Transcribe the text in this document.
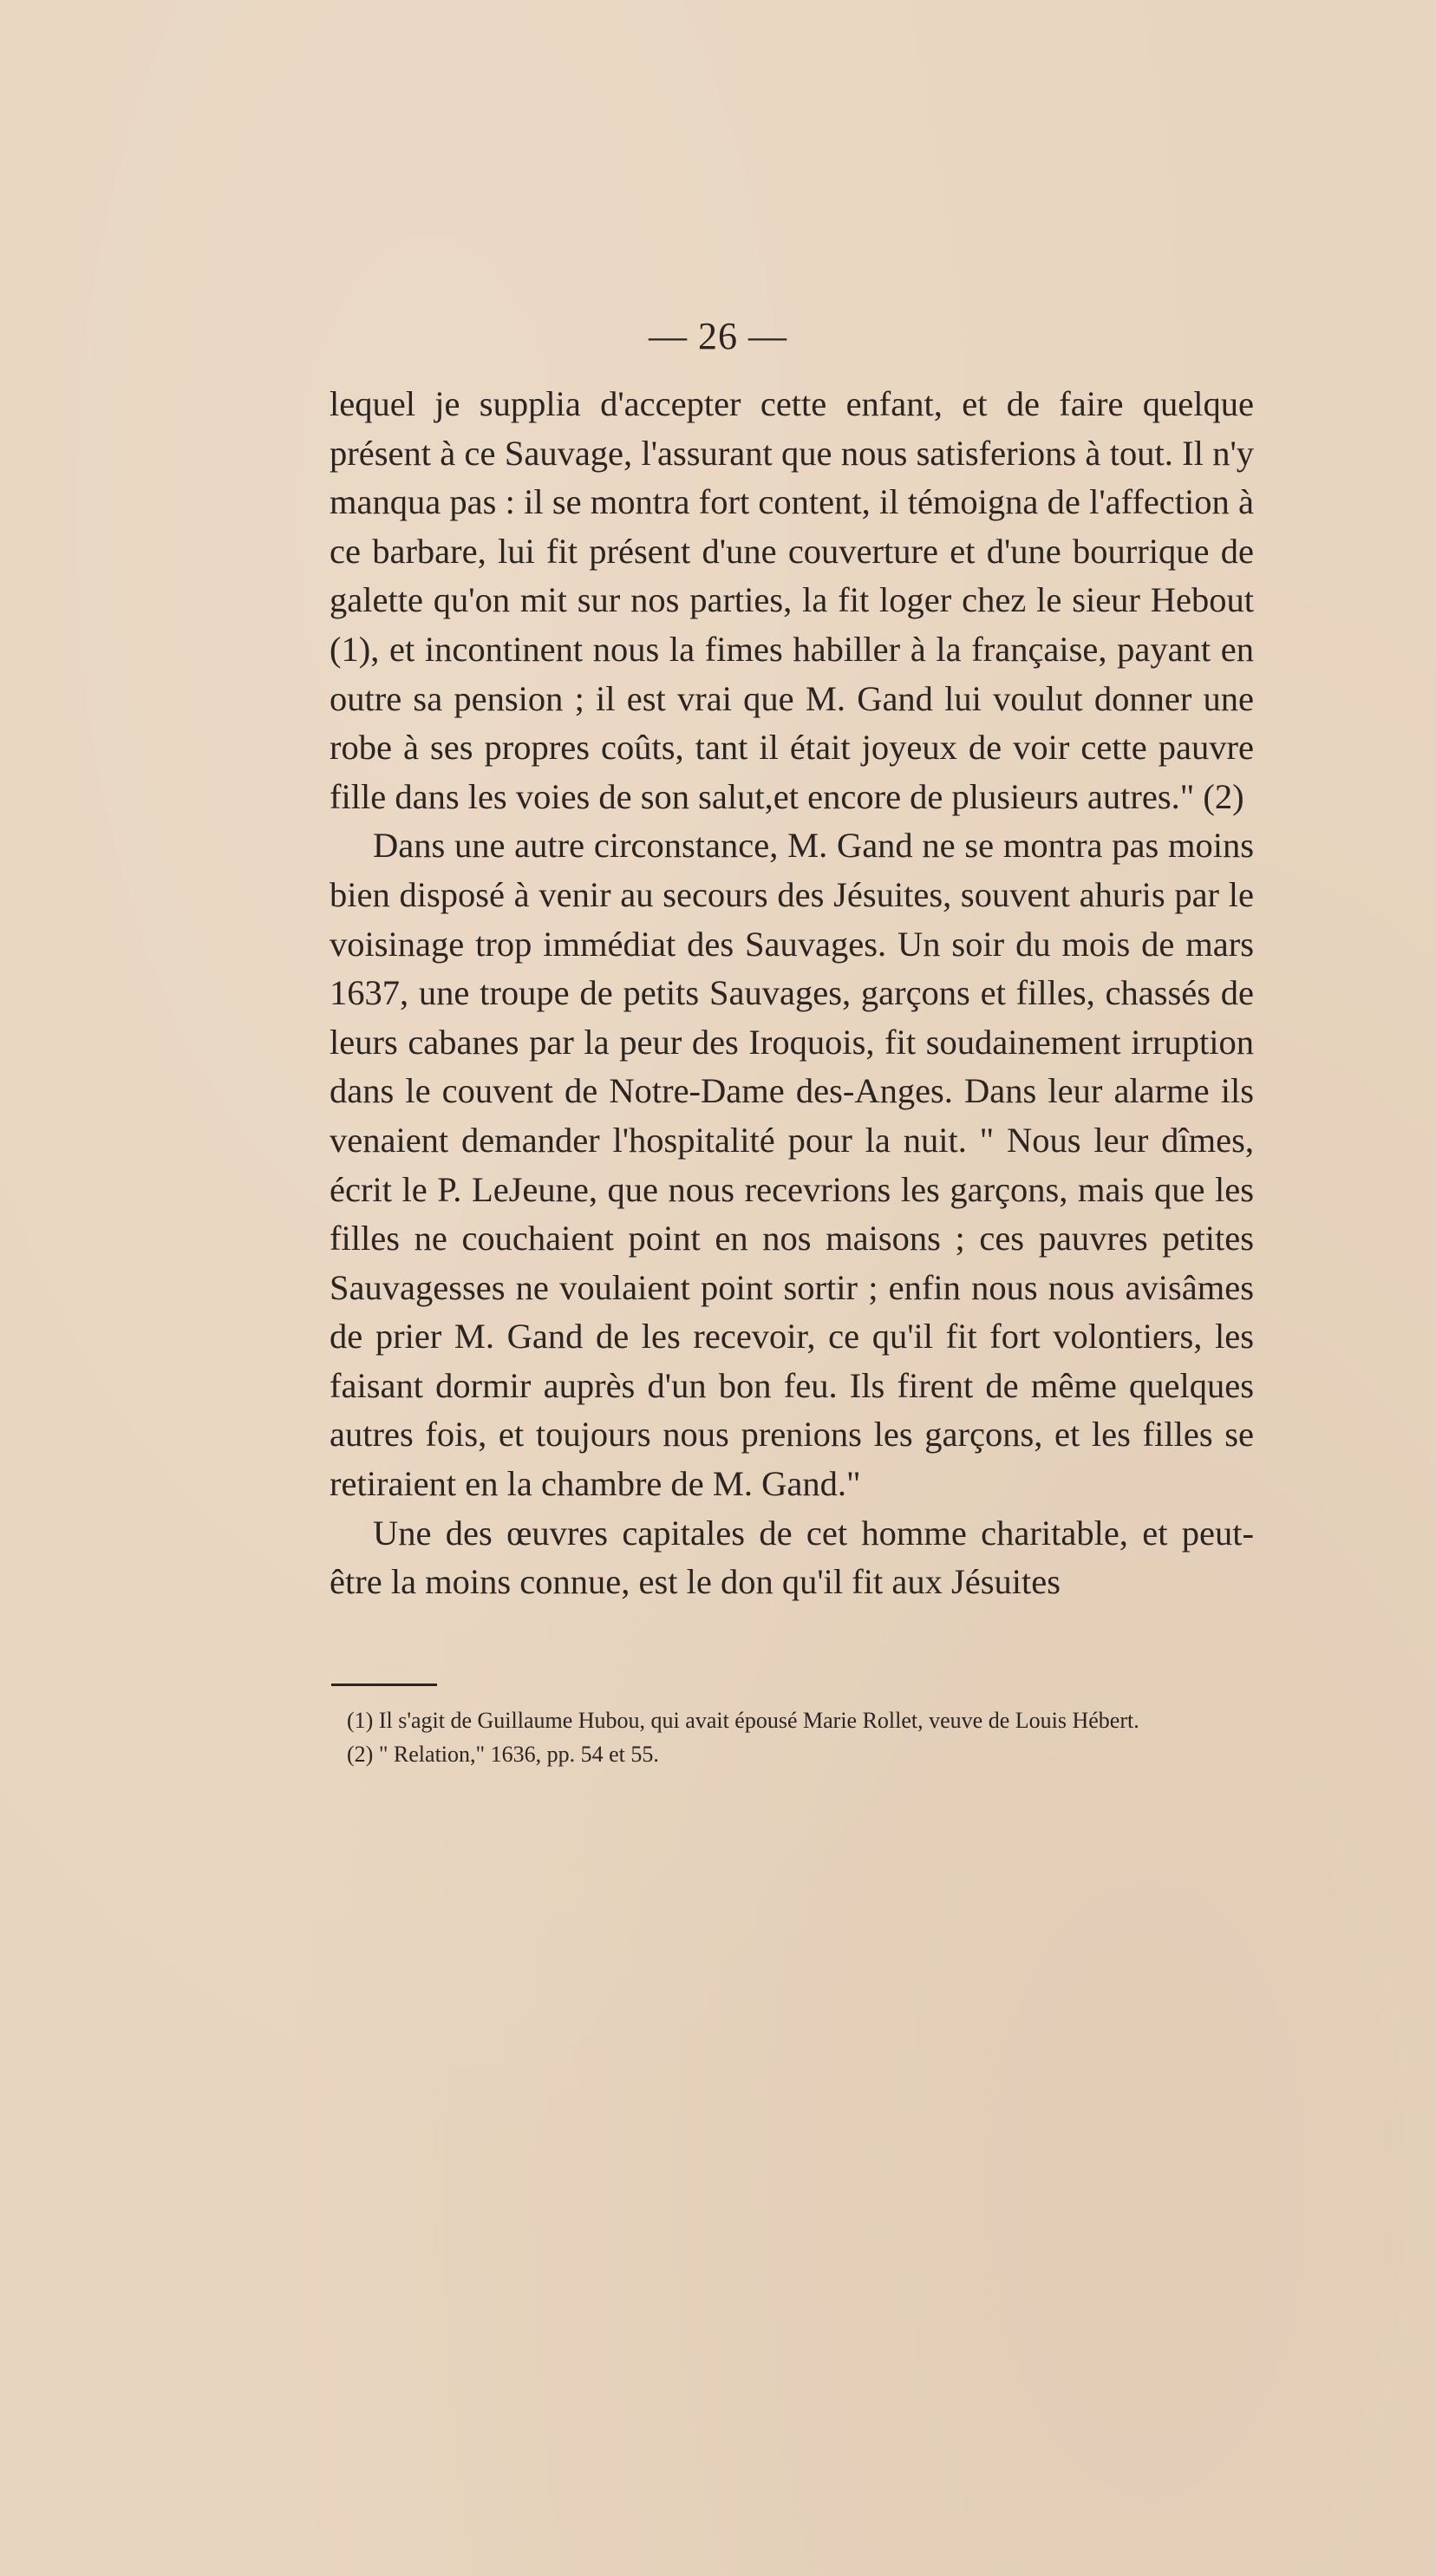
— 26 —

lequel je supplia d'accepter cette enfant, et de faire quelque présent à ce Sauvage, l'assurant que nous satisferions à tout. Il n'y manqua pas : il se montra fort content, il témoigna de l'affection à ce barbare, lui fit présent d'une couverture et d'une bourrique de galette qu'on mit sur nos parties, la fit loger chez le sieur Hebout (1), et incontinent nous la fimes habiller à la française, payant en outre sa pension ; il est vrai que M. Gand lui voulut donner une robe à ses propres coûts, tant il était joyeux de voir cette pauvre fille dans les voies de son salut,et encore de plusieurs autres." (2)

Dans une autre circonstance, M. Gand ne se montra pas moins bien disposé à venir au secours des Jésuites, souvent ahuris par le voisinage trop immédiat des Sauvages. Un soir du mois de mars 1637, une troupe de petits Sauvages, garçons et filles, chassés de leurs cabanes par la peur des Iroquois, fit soudainement irruption dans le couvent de Notre-Dame des-Anges. Dans leur alarme ils venaient demander l'hospitalité pour la nuit. " Nous leur dîmes, écrit le P. LeJeune, que nous recevrions les garçons, mais que les filles ne couchaient point en nos maisons ; ces pauvres petites Sauvagesses ne voulaient point sortir ; enfin nous nous avisâmes de prier M. Gand de les recevoir, ce qu'il fit fort volontiers, les faisant dormir auprès d'un bon feu. Ils firent de même quelques autres fois, et toujours nous prenions les garçons, et les filles se retiraient en la chambre de M. Gand."

Une des œuvres capitales de cet homme charitable, et peut-être la moins connue, est le don qu'il fit aux Jésuites

(1) Il s'agit de Guillaume Hubou, qui avait épousé Marie Rollet, veuve de Louis Hébert.

(2) " Relation," 1636, pp. 54 et 55.
